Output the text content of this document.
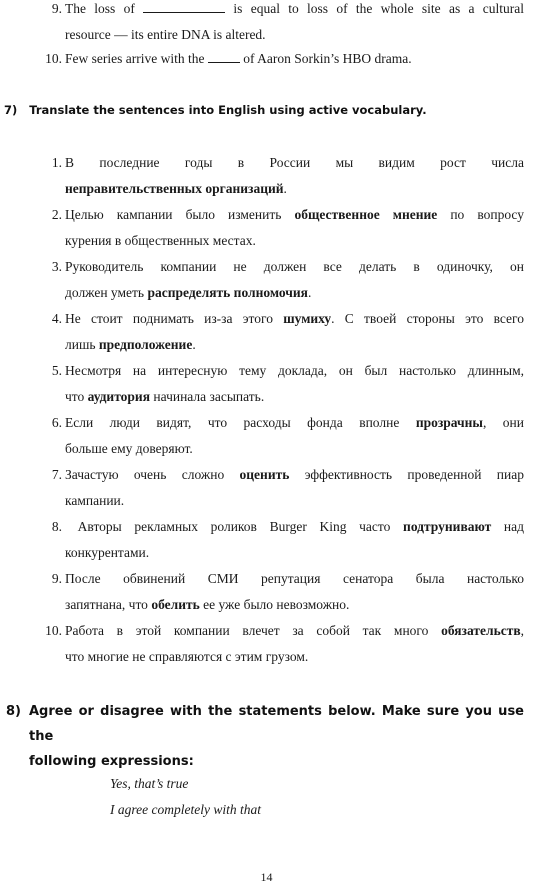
9. The loss of	is equal to loss of the whole site as a cultural
resource — its entire DNA is altered.
10. Few series arrive with the	of Aaron Sorkin’s HBO drama.
7)   Translate the sentences into English using active vocabulary.
1. В последние годы в России мы видим рост числа
неправительственных организаций.
2. Целью кампании было изменить общественное мнение по вопросу
курения в общественных местах.
3. Руководитель компании не должен все делать в одиночку, он
должен уметь распределять полномочия.
4. Не стоит поднимать из-за этого шумиху. С твоей стороны это всего
лишь предположение.
5. Несмотря на интересную тему доклада, он был настолько длинным,
что аудитория начинала засыпать.
6. Если люди видят, что расходы фонда вполне прозрачны, они
больше ему доверяют.
7. Зачастую очень сложно оценить эффективность проведенной пиар
кампании.
8. Авторы рекламных роликов Burger King часто подтрунивают над
конкурентами.
9. После обвинений СМИ репутация сенатора была настолько
запятнана, что обелить ее уже было невозможно.
10. Работа в этой компании влечет за собой так много обязательств,
что многие не справляются с этим грузом.
8) Agree or disagree with the statements below. Make sure you use the
following expressions:
Yes, that’s true
I agree completely with that
14
